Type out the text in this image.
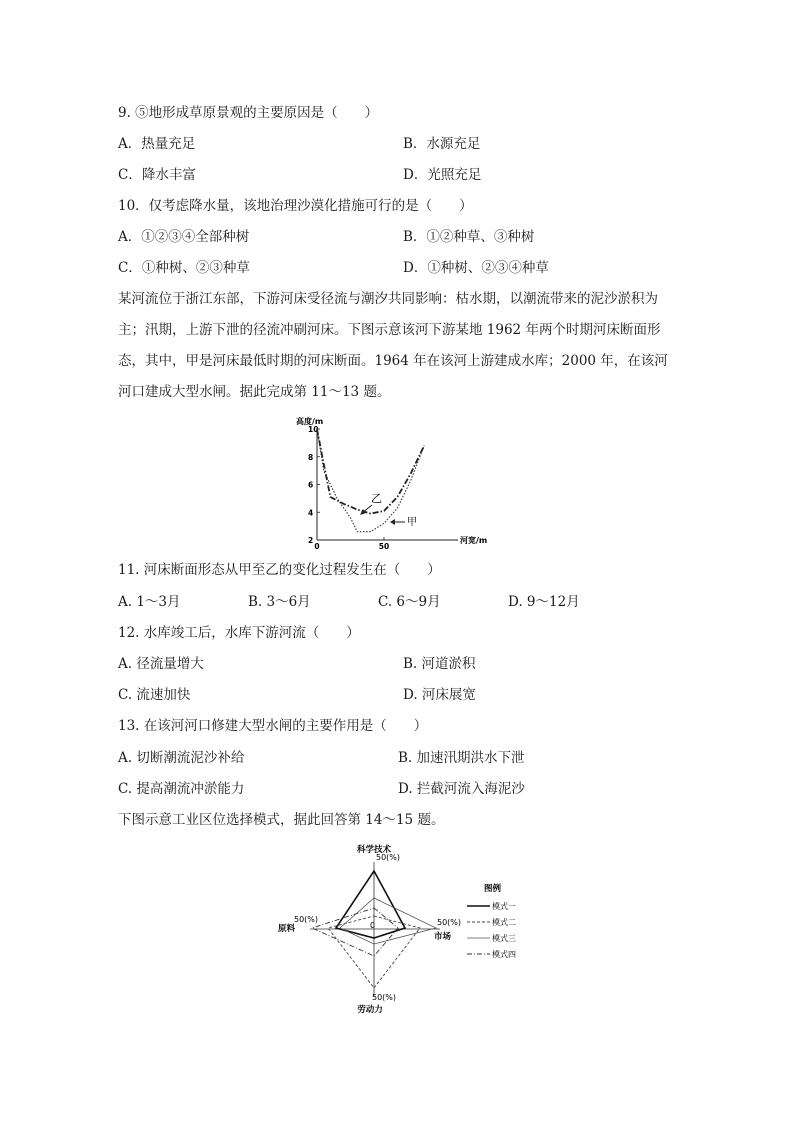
9. ⑤地形成草原景观的主要原因是（　　）
A．热量充足	B．水源充足
C．降水丰富	D．光照充足
10．仅考虑降水量，该地治理沙漠化措施可行的是（　　）
A．①②③④全部种树	B．①②种草、③种树
C．①种树、②③种草	D．①种树、②③④种草
某河流位于浙江东部，下游河床受径流与潮汐共同影响：枯水期，以潮流带来的泥沙淤积为主；汛期，上游下泄的径流冲刷河床。下图示意该河下游某地 1962 年两个时期河床断面形态，其中，甲是河床最低时期的河床断面。1964 年在该河上游建成水库；2000 年，在该河河口建成大型水闸。据此完成第 11～13 题。
高度/m
2
4
6
8
10
0	50
河宽/m
乙
甲
11. 河床断面形态从甲至乙的变化过程发生在（　　）
A. 1～3月	B. 3～6月	C. 6～9月	D. 9～12月
12. 水库竣工后，水库下游河流（　　）
A. 径流量增大	B. 河道淤积
C. 流速加快	D. 河床展宽
13. 在该河河口修建大型水闸的主要作用是（　　）
A. 切断潮流泥沙补给	B. 加速汛期洪水下泄
C. 提高潮流冲淤能力	D. 拦截河流入海泥沙
下图示意工业区位选择模式，据此回答第 14～15 题。
科学技术
50(%)
原料
50(%)
市场
50(%)
劳动力
50(%)
0
图例
模式一
模式二
模式三
模式四
